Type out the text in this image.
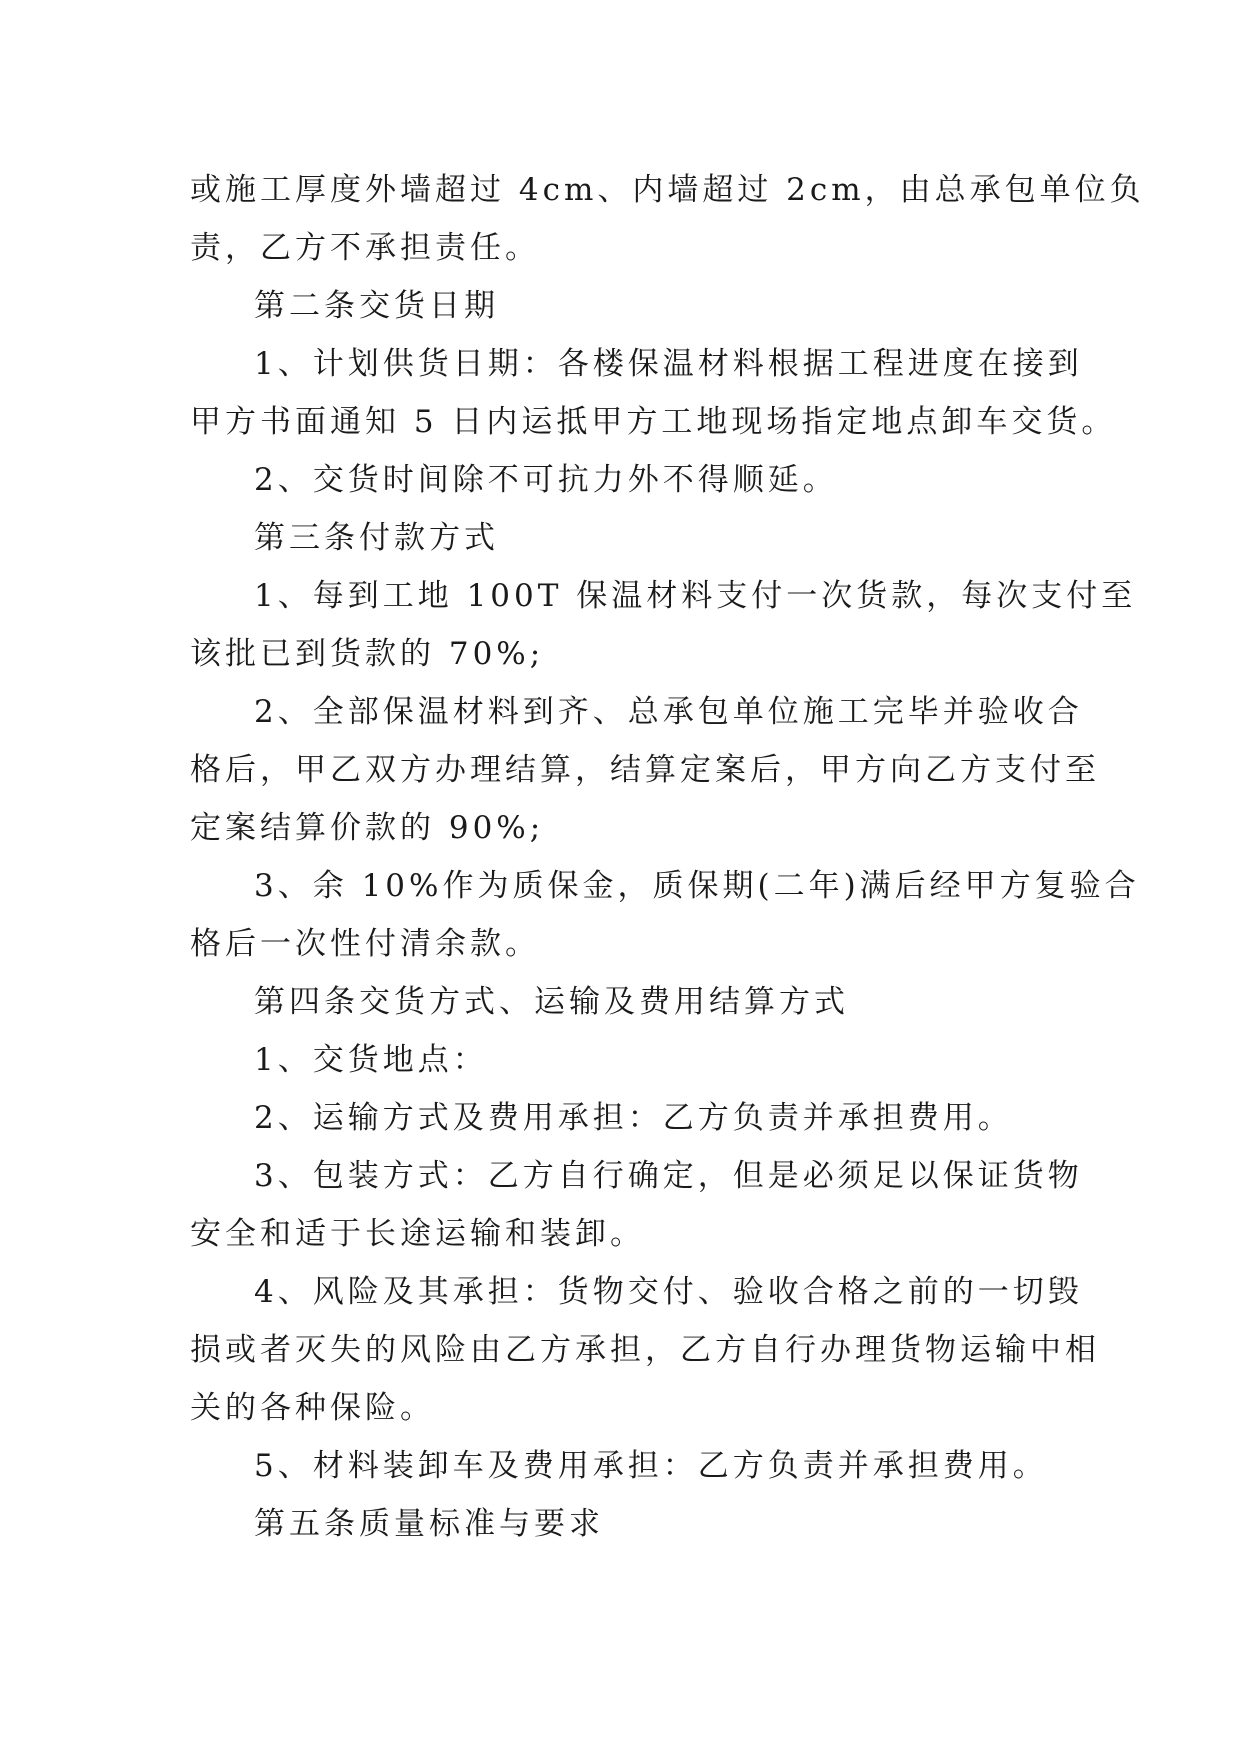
或施工厚度外墙超过 4cm、内墙超过 2cm，由总承包单位负
责，乙方不承担责任。
第二条交货日期
1、计划供货日期：各楼保温材料根据工程进度在接到
甲方书面通知 5 日内运抵甲方工地现场指定地点卸车交货。
2、交货时间除不可抗力外不得顺延。
第三条付款方式
1、每到工地 100T 保温材料支付一次货款，每次支付至
该批已到货款的 70%;
2、全部保温材料到齐、总承包单位施工完毕并验收合
格后，甲乙双方办理结算，结算定案后，甲方向乙方支付至
定案结算价款的 90%;
3、余 10%作为质保金，质保期(二年)满后经甲方复验合
格后一次性付清余款。
第四条交货方式、运输及费用结算方式
1、交货地点：
2、运输方式及费用承担：乙方负责并承担费用。
3、包装方式：乙方自行确定，但是必须足以保证货物
安全和适于长途运输和装卸。
4、风险及其承担：货物交付、验收合格之前的一切毁
损或者灭失的风险由乙方承担，乙方自行办理货物运输中相
关的各种保险。
5、材料装卸车及费用承担：乙方负责并承担费用。
第五条质量标准与要求
